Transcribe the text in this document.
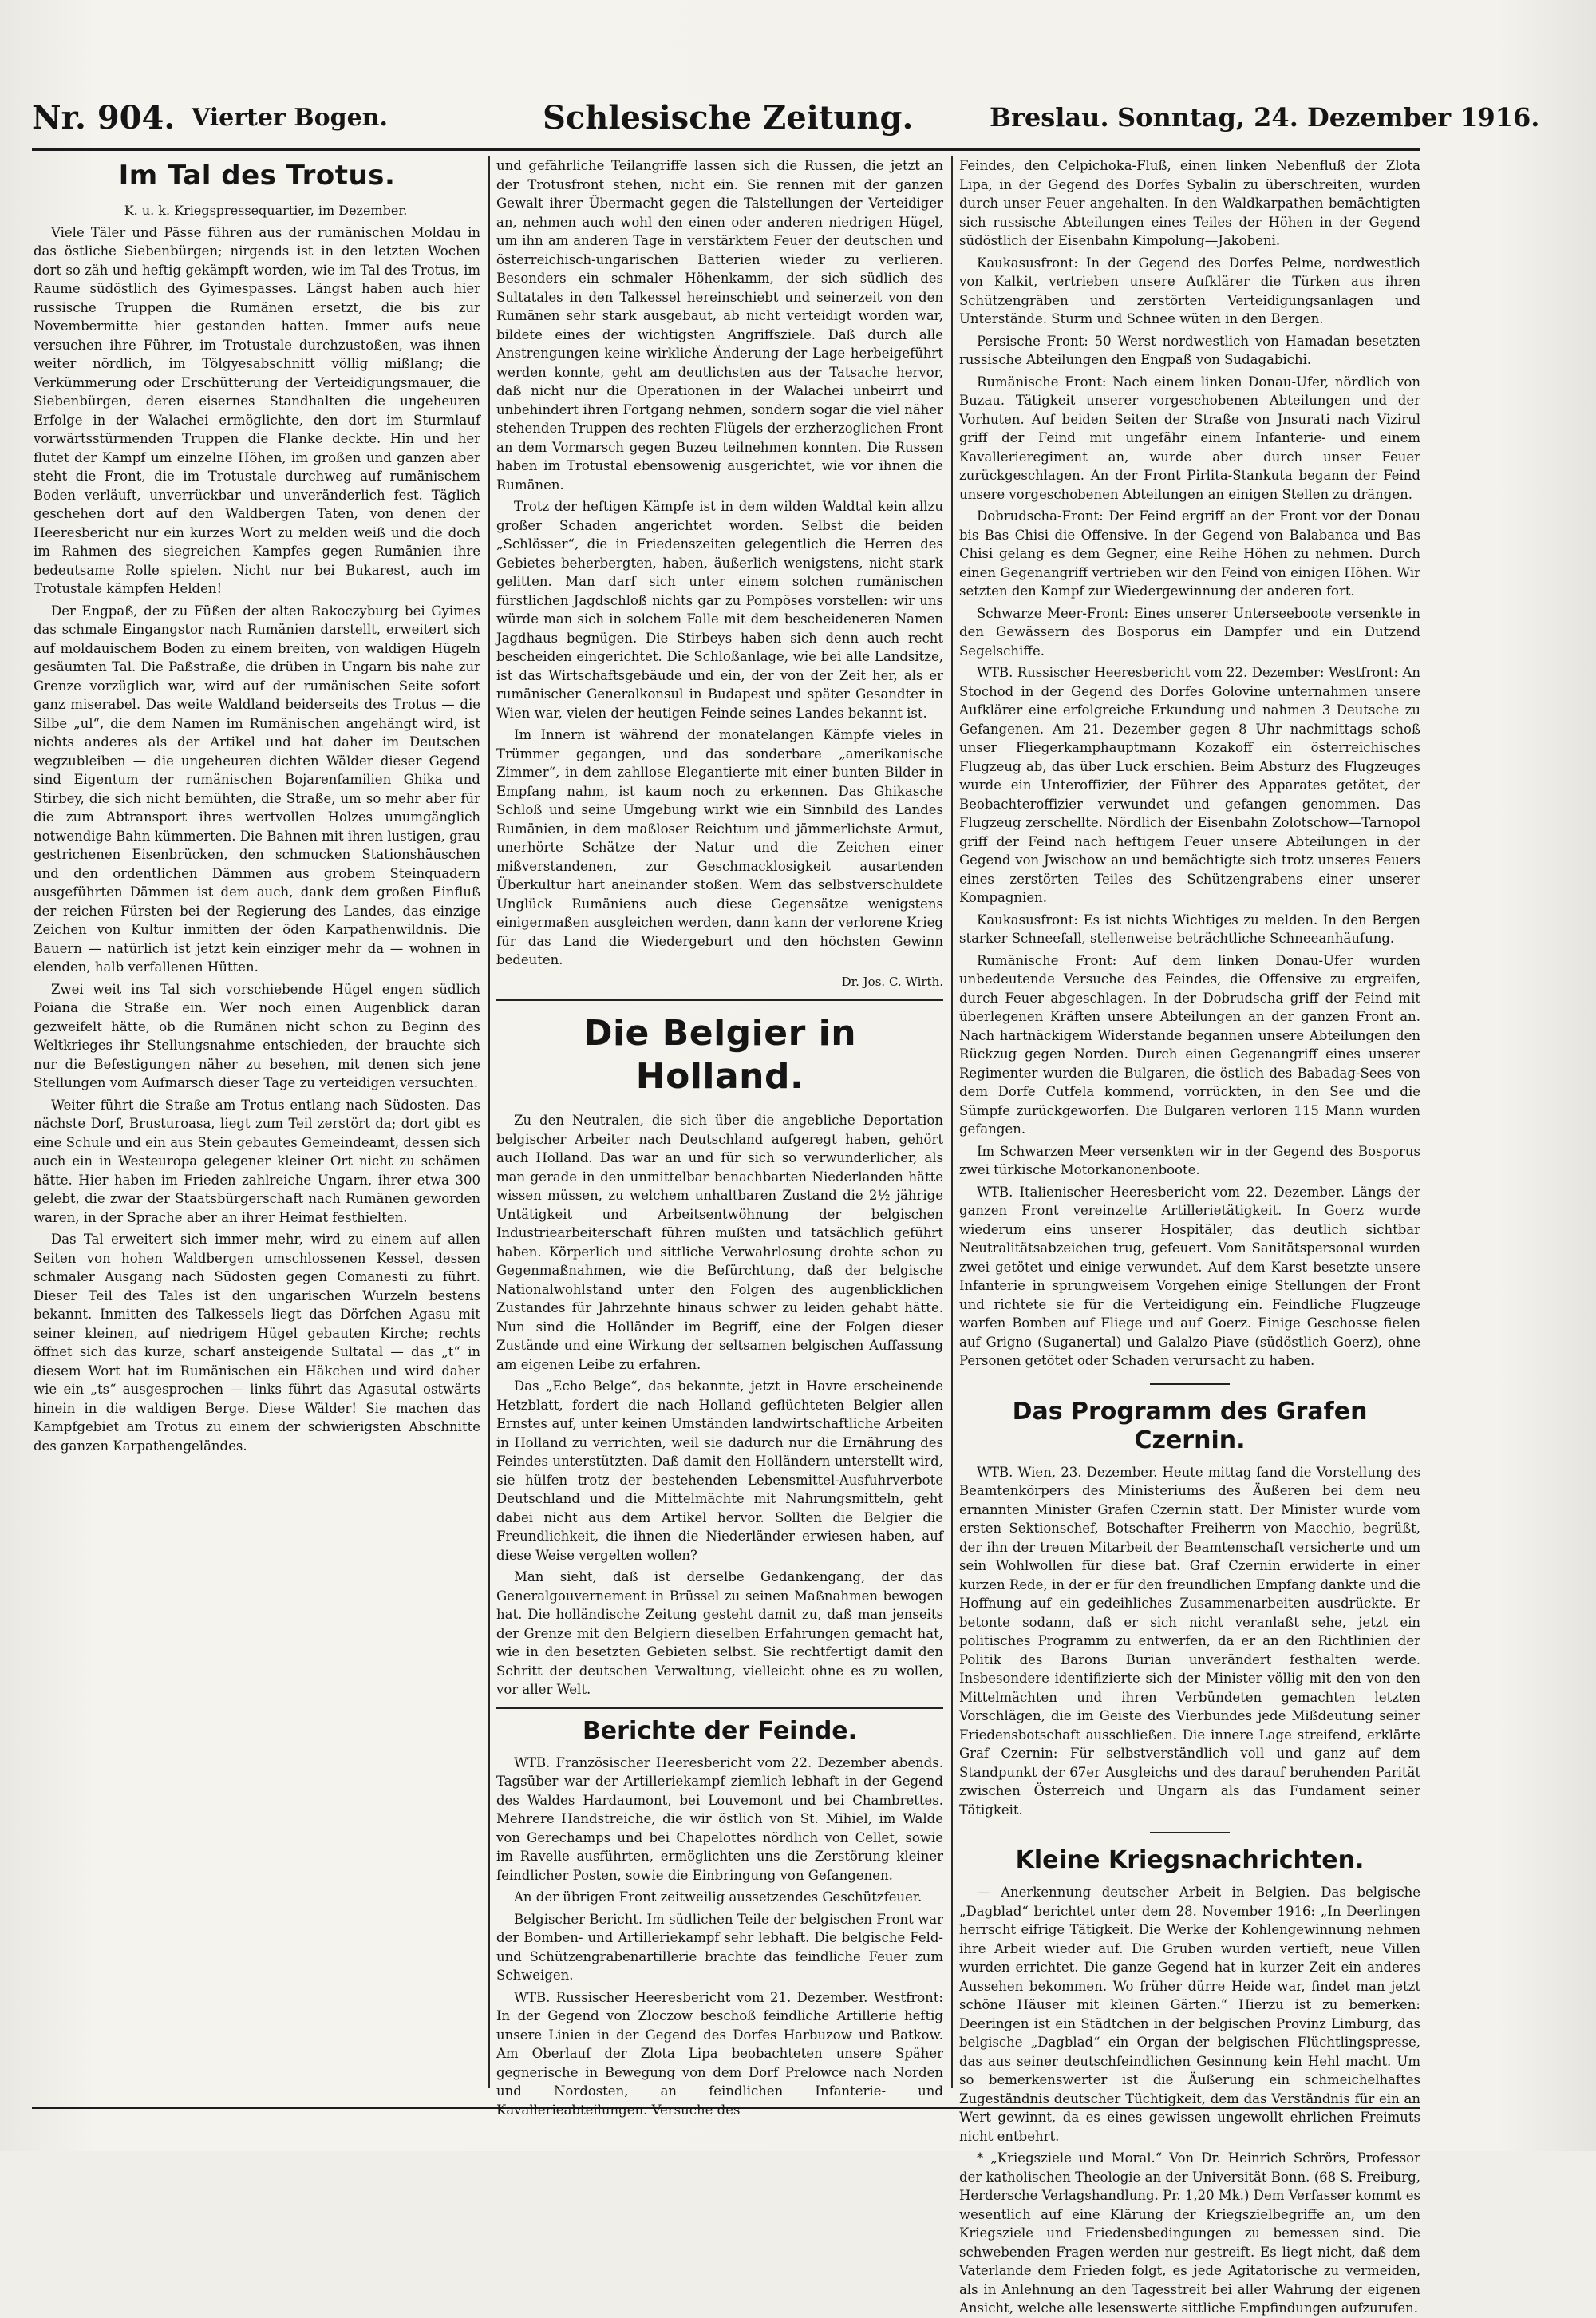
Nr. 904. Vierter Bogen.	Schlesische Zeitung.	Breslau. Sonntag, 24. Dezember 1916.
Im Tal des Trotus.

K. u. k. Kriegspressequartier, im Dezember.

Viele Täler und Pässe führen aus der rumänischen Moldau in das östliche Siebenbürgen; nirgends ist in den letzten Wochen dort so zäh und heftig gekämpft worden, wie im Tal des Trotus, im Raume südöstlich des Gyimespasses. Längst haben auch hier russische Truppen die Rumänen ersetzt, die bis zur Novembermitte hier gestanden hatten. Immer aufs neue versuchen ihre Führer, im Trotustale durchzustoßen, was ihnen weiter nördlich, im Tölgyesabschnitt völlig mißlang; die Verkümmerung oder Erschütterung der Verteidigungsmauer, die Siebenbürgen, deren eisernes Standhalten die ungeheuren Erfolge in der Walachei ermöglichte, den dort im Sturmlauf vorwärtsstürmenden Truppen die Flanke deckte. Hin und her flutet der Kampf um einzelne Höhen, im großen und ganzen aber steht die Front, die im Trotustale durchweg auf rumänischem Boden verläuft, unverrückbar und unveränderlich fest. Täglich geschehen dort auf den Waldbergen Taten, von denen der Heeresbericht nur ein kurzes Wort zu melden weiß und die doch im Rahmen des siegreichen Kampfes gegen Rumänien ihre bedeutsame Rolle spielen. Nicht nur bei Bukarest, auch im Trotustale kämpfen Helden!

Der Engpaß, der zu Füßen der alten Rakoczyburg bei Gyimes das schmale Eingangstor nach Rumänien darstellt, erweitert sich auf moldauischem Boden zu einem breiten, von waldigen Hügeln gesäumten Tal. Die Paßstraße, die drüben in Ungarn bis nahe zur Grenze vorzüglich war, wird auf der rumänischen Seite sofort ganz miserabel. Das weite Waldland beiderseits des Trotus — die Silbe „ul“, die dem Namen im Rumänischen angehängt wird, ist nichts anderes als der Artikel und hat daher im Deutschen wegzubleiben — die ungeheuren dichten Wälder dieser Gegend sind Eigentum der rumänischen Bojarenfamilien Ghika und Stirbey, die sich nicht bemühten, die Straße, um so mehr aber für die zum Abtransport ihres wertvollen Holzes unumgänglich notwendige Bahn kümmerten. Die Bahnen mit ihren lustigen, grau gestrichenen Eisenbrücken, den schmucken Stationshäuschen und den ordentlichen Dämmen aus grobem Steinquadern ausgeführten Dämmen ist dem auch, dank dem großen Einfluß der reichen Fürsten bei der Regierung des Landes, das einzige Zeichen von Kultur inmitten der öden Karpathenwildnis. Die Bauern — natürlich ist jetzt kein einziger mehr da — wohnen in elenden, halb verfallenen Hütten.

Zwei weit ins Tal sich vorschiebende Hügel engen südlich Poiana die Straße ein. Wer noch einen Augenblick daran gezweifelt hätte, ob die Rumänen nicht schon zu Beginn des Weltkrieges ihr Stellungsnahme entschieden, der brauchte sich nur die Befestigungen näher zu besehen, mit denen sich jene Stellungen vom Aufmarsch dieser Tage zu verteidigen versuchten.

Weiter führt die Straße am Trotus entlang nach Südosten. Das nächste Dorf, Brusturoasa, liegt zum Teil zerstört da; dort gibt es eine Schule und ein aus Stein gebautes Gemeindeamt, dessen sich auch ein in Westeuropa gelegener kleiner Ort nicht zu schämen hätte. Hier haben im Frieden zahlreiche Ungarn, ihrer etwa 300 gelebt, die zwar der Staatsbürgerschaft nach Rumänen geworden waren, in der Sprache aber an ihrer Heimat festhielten.

Das Tal erweitert sich immer mehr, wird zu einem auf allen Seiten von hohen Waldbergen umschlossenen Kessel, dessen schmaler Ausgang nach Südosten gegen Comanesti zu führt. Dieser Teil des Tales ist den ungarischen Wurzeln bestens bekannt. Inmitten des Talkessels liegt das Dörfchen Agasu mit seiner kleinen, auf niedrigem Hügel gebauten Kirche; rechts öffnet sich das kurze, scharf ansteigende Sultatal — das „t“ in diesem Wort hat im Rumänischen ein Häkchen und wird daher wie ein „ts“ ausgesprochen — links führt das Agasutal ostwärts hinein in die waldigen Berge. Diese Wälder! Sie machen das Kampfgebiet am Trotus zu einem der schwierigsten Abschnitte des ganzen Karpathengeländes.

und gefährliche Teilangriffe lassen sich die Russen, die jetzt an der Trotusfront stehen, nicht ein. Sie rennen mit der ganzen Gewalt ihrer Übermacht gegen die Talstellungen der Verteidiger an, nehmen auch wohl den einen oder anderen niedrigen Hügel, um ihn am anderen Tage in verstärktem Feuer der deutschen und österreichisch-ungarischen Batterien wieder zu verlieren. Besonders ein schmaler Höhenkamm, der sich südlich des Sultatales in den Talkessel hereinschiebt und seinerzeit von den Rumänen sehr stark ausgebaut, ab nicht verteidigt worden war, bildete eines der wichtigsten Angriffsziele. Daß durch alle Anstrengungen keine wirkliche Änderung der Lage herbeigeführt werden konnte, geht am deutlichsten aus der Tatsache hervor, daß nicht nur die Operationen in der Walachei unbeirrt und unbehindert ihren Fortgang nehmen, sondern sogar die viel näher stehenden Truppen des rechten Flügels der erzherzoglichen Front an dem Vormarsch gegen Buzeu teilnehmen konnten. Die Russen haben im Trotustal ebensowenig ausgerichtet, wie vor ihnen die Rumänen.

Trotz der heftigen Kämpfe ist in dem wilden Waldtal kein allzu großer Schaden angerichtet worden. Selbst die beiden „Schlösser“, die in Friedenszeiten gelegentlich die Herren des Gebietes beherbergten, haben, äußerlich wenigstens, nicht stark gelitten. Man darf sich unter einem solchen rumänischen fürstlichen Jagdschloß nichts gar zu Pompöses vorstellen: wir uns würde man sich in solchem Falle mit dem bescheideneren Namen Jagdhaus begnügen. Die Stirbeys haben sich denn auch recht bescheiden eingerichtet. Die Schloßanlage, wie bei alle Landsitze, ist das Wirtschaftsgebäude und ein, der von der Zeit her, als er rumänischer Generalkonsul in Budapest und später Gesandter in Wien war, vielen der heutigen Feinde seines Landes bekannt ist.

Im Innern ist während der monatelangen Kämpfe vieles in Trümmer gegangen, und das sonderbare „amerikanische Zimmer“, in dem zahllose Elegantierte mit einer bunten Bilder in Empfang nahm, ist kaum noch zu erkennen. Das Ghikasche Schloß und seine Umgebung wirkt wie ein Sinnbild des Landes Rumänien, in dem maßloser Reichtum und jämmerlichste Armut, unerhörte Schätze der Natur und die Zeichen einer mißverstandenen, zur Geschmacklosigkeit ausartenden Überkultur hart aneinander stoßen. Wem das selbstverschuldete Unglück Rumäniens auch diese Gegensätze wenigstens einigermaßen ausgleichen werden, dann kann der verlorene Krieg für das Land die Wiedergeburt und den höchsten Gewinn bedeuten.

Dr. Jos. C. Wirth.

Die Belgier in Holland.

Zu den Neutralen, die sich über die angebliche Deportation belgischer Arbeiter nach Deutschland aufgeregt haben, gehört auch Holland. Das war an und für sich so verwunderlicher, als man gerade in den unmittelbar benachbarten Niederlanden hätte wissen müssen, zu welchem unhaltbaren Zustand die 2½ jährige Untätigkeit und Arbeitsentwöhnung der belgischen Industriearbeiterschaft führen mußten und tatsächlich geführt haben. Körperlich und sittliche Verwahrlosung drohte schon zu Gegenmaßnahmen, wie die Befürchtung, daß der belgische Nationalwohlstand unter den Folgen des augenblicklichen Zustandes für Jahrzehnte hinaus schwer zu leiden gehabt hätte. Nun sind die Holländer im Begriff, eine der Folgen dieser Zustände und eine Wirkung der seltsamen belgischen Auffassung am eigenen Leibe zu erfahren.

Das „Echo Belge“, das bekannte, jetzt in Havre erscheinende Hetzblatt, fordert die nach Holland geflüchteten Belgier allen Ernstes auf, unter keinen Umständen landwirtschaftliche Arbeiten in Holland zu verrichten, weil sie dadurch nur die Ernährung des Feindes unterstützten. Daß damit den Holländern unterstellt wird, sie hülfen trotz der bestehenden Lebensmittel-Ausfuhrverbote Deutschland und die Mittelmächte mit Nahrungsmitteln, geht dabei nicht aus dem Artikel hervor. Sollten die Belgier die Freundlichkeit, die ihnen die Niederländer erwiesen haben, auf diese Weise vergelten wollen?

Man sieht, daß ist derselbe Gedankengang, der das Generalgouvernement in Brüssel zu seinen Maßnahmen bewogen hat. Die holländische Zeitung gesteht damit zu, daß man jenseits der Grenze mit den Belgiern dieselben Erfahrungen gemacht hat, wie in den besetzten Gebieten selbst. Sie rechtfertigt damit den Schritt der deutschen Verwaltung, vielleicht ohne es zu wollen, vor aller Welt.

Berichte der Feinde.

WTB. Französischer Heeresbericht vom 22. Dezember abends. Tagsüber war der Artilleriekampf ziemlich lebhaft in der Gegend des Waldes Hardaumont, bei Louvemont und bei Chambrettes. Mehrere Handstreiche, die wir östlich von St. Mihiel, im Walde von Gerechamps und bei Chapelottes nördlich von Cellet, sowie im Ravelle ausführten, ermöglichten uns die Zerstörung kleiner feindlicher Posten, sowie die Einbringung von Gefangenen.

An der übrigen Front zeitweilig aussetzendes Geschützfeuer.

Belgischer Bericht. Im südlichen Teile der belgischen Front war der Bomben- und Artilleriekampf sehr lebhaft. Die belgische Feld- und Schützengrabenartillerie brachte das feindliche Feuer zum Schweigen.

WTB. Russischer Heeresbericht vom 21. Dezember. Westfront: In der Gegend von Zloczow beschoß feindliche Artillerie heftig unsere Linien in der Gegend des Dorfes Harbuzow und Batkow. Am Oberlauf der Zlota Lipa beobachteten unsere Späher gegnerische in Bewegung von dem Dorf Prelowce nach Norden und Nordosten, an feindlichen Infanterie- und Kavallerieabteilungen. Versuche des

Feindes, den Celpichoka-Fluß, einen linken Nebenfluß der Zlota Lipa, in der Gegend des Dorfes Sybalin zu überschreiten, wurden durch unser Feuer angehalten. In den Waldkarpathen bemächtigten sich russische Abteilungen eines Teiles der Höhen in der Gegend südöstlich der Eisenbahn Kimpolung—Jakobeni.

Kaukasusfront: In der Gegend des Dorfes Pelme, nordwestlich von Kalkit, vertrieben unsere Aufklärer die Türken aus ihren Schützengräben und zerstörten Verteidigungsanlagen und Unterstände. Sturm und Schnee wüten in den Bergen.

Persische Front: 50 Werst nordwestlich von Hamadan besetzten russische Abteilungen den Engpaß von Sudagabichi.

Rumänische Front: Nach einem linken Donau-Ufer, nördlich von Buzau. Tätigkeit unserer vorgeschobenen Abteilungen und der Vorhuten. Auf beiden Seiten der Straße von Jnsurati nach Vizirul griff der Feind mit ungefähr einem Infanterie- und einem Kavallerieregiment an, wurde aber durch unser Feuer zurückgeschlagen. An der Front Pirlita-Stankuta begann der Feind unsere vorgeschobenen Abteilungen an einigen Stellen zu drängen.

Dobrudscha-Front: Der Feind ergriff an der Front vor der Donau bis Bas Chisi die Offensive. In der Gegend von Balabanca und Bas Chisi gelang es dem Gegner, eine Reihe Höhen zu nehmen. Durch einen Gegenangriff vertrieben wir den Feind von einigen Höhen. Wir setzten den Kampf zur Wiedergewinnung der anderen fort.

Schwarze Meer-Front: Eines unserer Unterseeboote versenkte in den Gewässern des Bosporus ein Dampfer und ein Dutzend Segelschiffe.

WTB. Russischer Heeresbericht vom 22. Dezember: Westfront: An Stochod in der Gegend des Dorfes Golovine unternahmen unsere Aufklärer eine erfolgreiche Erkundung und nahmen 3 Deutsche zu Gefangenen. Am 21. Dezember gegen 8 Uhr nachmittags schoß unser Fliegerkamphauptmann Kozakoff ein österreichisches Flugzeug ab, das über Luck erschien. Beim Absturz des Flugzeuges wurde ein Unteroffizier, der Führer des Apparates getötet, der Beobachteroffizier verwundet und gefangen genommen. Das Flugzeug zerschellte. Nördlich der Eisenbahn Zolotschow—Tarnopol griff der Feind nach heftigem Feuer unsere Abteilungen in der Gegend von Jwischow an und bemächtigte sich trotz unseres Feuers eines zerstörten Teiles des Schützengrabens einer unserer Kompagnien.

Kaukasusfront: Es ist nichts Wichtiges zu melden. In den Bergen starker Schneefall, stellenweise beträchtliche Schneeanhäufung.

Rumänische Front: Auf dem linken Donau-Ufer wurden unbedeutende Versuche des Feindes, die Offensive zu ergreifen, durch Feuer abgeschlagen. In der Dobrudscha griff der Feind mit überlegenen Kräften unsere Abteilungen an der ganzen Front an. Nach hartnäckigem Widerstande begannen unsere Abteilungen den Rückzug gegen Norden. Durch einen Gegenangriff eines unserer Regimenter wurden die Bulgaren, die östlich des Babadag-Sees von dem Dorfe Cutfela kommend, vorrückten, in den See und die Sümpfe zurückgeworfen. Die Bulgaren verloren 115 Mann wurden gefangen.

Im Schwarzen Meer versenkten wir in der Gegend des Bosporus zwei türkische Motorkanonenboote.

WTB. Italienischer Heeresbericht vom 22. Dezember. Längs der ganzen Front vereinzelte Artillerietätigkeit. In Goerz wurde wiederum eins unserer Hospitäler, das deutlich sichtbar Neutralitätsabzeichen trug, gefeuert. Vom Sanitätspersonal wurden zwei getötet und einige verwundet. Auf dem Karst besetzte unsere Infanterie in sprungweisem Vorgehen einige Stellungen der Front und richtete sie für die Verteidigung ein. Feindliche Flugzeuge warfen Bomben auf Fliege und auf Goerz. Einige Geschosse fielen auf Grigno (Suganertal) und Galalzo Piave (südöstlich Goerz), ohne Personen getötet oder Schaden verursacht zu haben.

Das Programm des Grafen Czernin.

WTB. Wien, 23. Dezember. Heute mittag fand die Vorstellung des Beamtenkörpers des Ministeriums des Äußeren bei dem neu ernannten Minister Grafen Czernin statt. Der Minister wurde vom ersten Sektionschef, Botschafter Freiherrn von Macchio, begrüßt, der ihn der treuen Mitarbeit der Beamtenschaft versicherte und um sein Wohlwollen für diese bat. Graf Czernin erwiderte in einer kurzen Rede, in der er für den freundlichen Empfang dankte und die Hoffnung auf ein gedeihliches Zusammenarbeiten ausdrückte. Er betonte sodann, daß er sich nicht veranlaßt sehe, jetzt ein politisches Programm zu entwerfen, da er an den Richtlinien der Politik des Barons Burian unverändert festhalten werde. Insbesondere identifizierte sich der Minister völlig mit den von den Mittelmächten und ihren Verbündeten gemachten letzten Vorschlägen, die im Geiste des Vierbundes jede Mißdeutung seiner Friedensbotschaft ausschließen. Die innere Lage streifend, erklärte Graf Czernin: Für selbstverständlich voll und ganz auf dem Standpunkt der 67er Ausgleichs und des darauf beruhenden Parität zwischen Österreich und Ungarn als das Fundament seiner Tätigkeit.

Kleine Kriegsnachrichten.

— Anerkennung deutscher Arbeit in Belgien. Das belgische „Dagblad“ berichtet unter dem 28. November 1916: „In Deerlingen herrscht eifrige Tätigkeit. Die Werke der Kohlengewinnung nehmen ihre Arbeit wieder auf. Die Gruben wurden vertieft, neue Villen wurden errichtet. Die ganze Gegend hat in kurzer Zeit ein anderes Aussehen bekommen. Wo früher dürre Heide war, findet man jetzt schöne Häuser mit kleinen Gärten.“ Hierzu ist zu bemerken: Deeringen ist ein Städtchen in der belgischen Provinz Limburg, das belgische „Dagblad“ ein Organ der belgischen Flüchtlingspresse, das aus seiner deutschfeindlichen Gesinnung kein Hehl macht. Um so bemerkenswerter ist die Äußerung ein schmeichelhaftes Zugeständnis deutscher Tüchtigkeit, dem das Verständnis für ein an Wert gewinnt, da es eines gewissen ungewollt ehrlichen Freimuts nicht entbehrt.

* „Kriegsziele und Moral.“ Von Dr. Heinrich Schrörs, Professor der katholischen Theologie an der Universität Bonn. (68 S. Freiburg, Herdersche Verlagshandlung. Pr. 1,20 Mk.) Dem Verfasser kommt es wesentlich auf eine Klärung der Kriegszielbegriffe an, um den Kriegsziele und Friedensbedingungen zu bemessen sind. Die schwebenden Fragen werden nur gestreift. Es liegt nicht, daß dem Vaterlande dem Frieden folgt, es jede Agitatorische zu vermeiden, als in Anlehnung an den Tagesstreit bei aller Wahrung der eigenen Ansicht, welche alle lesenswerte sittliche Empfindungen aufzurufen.
